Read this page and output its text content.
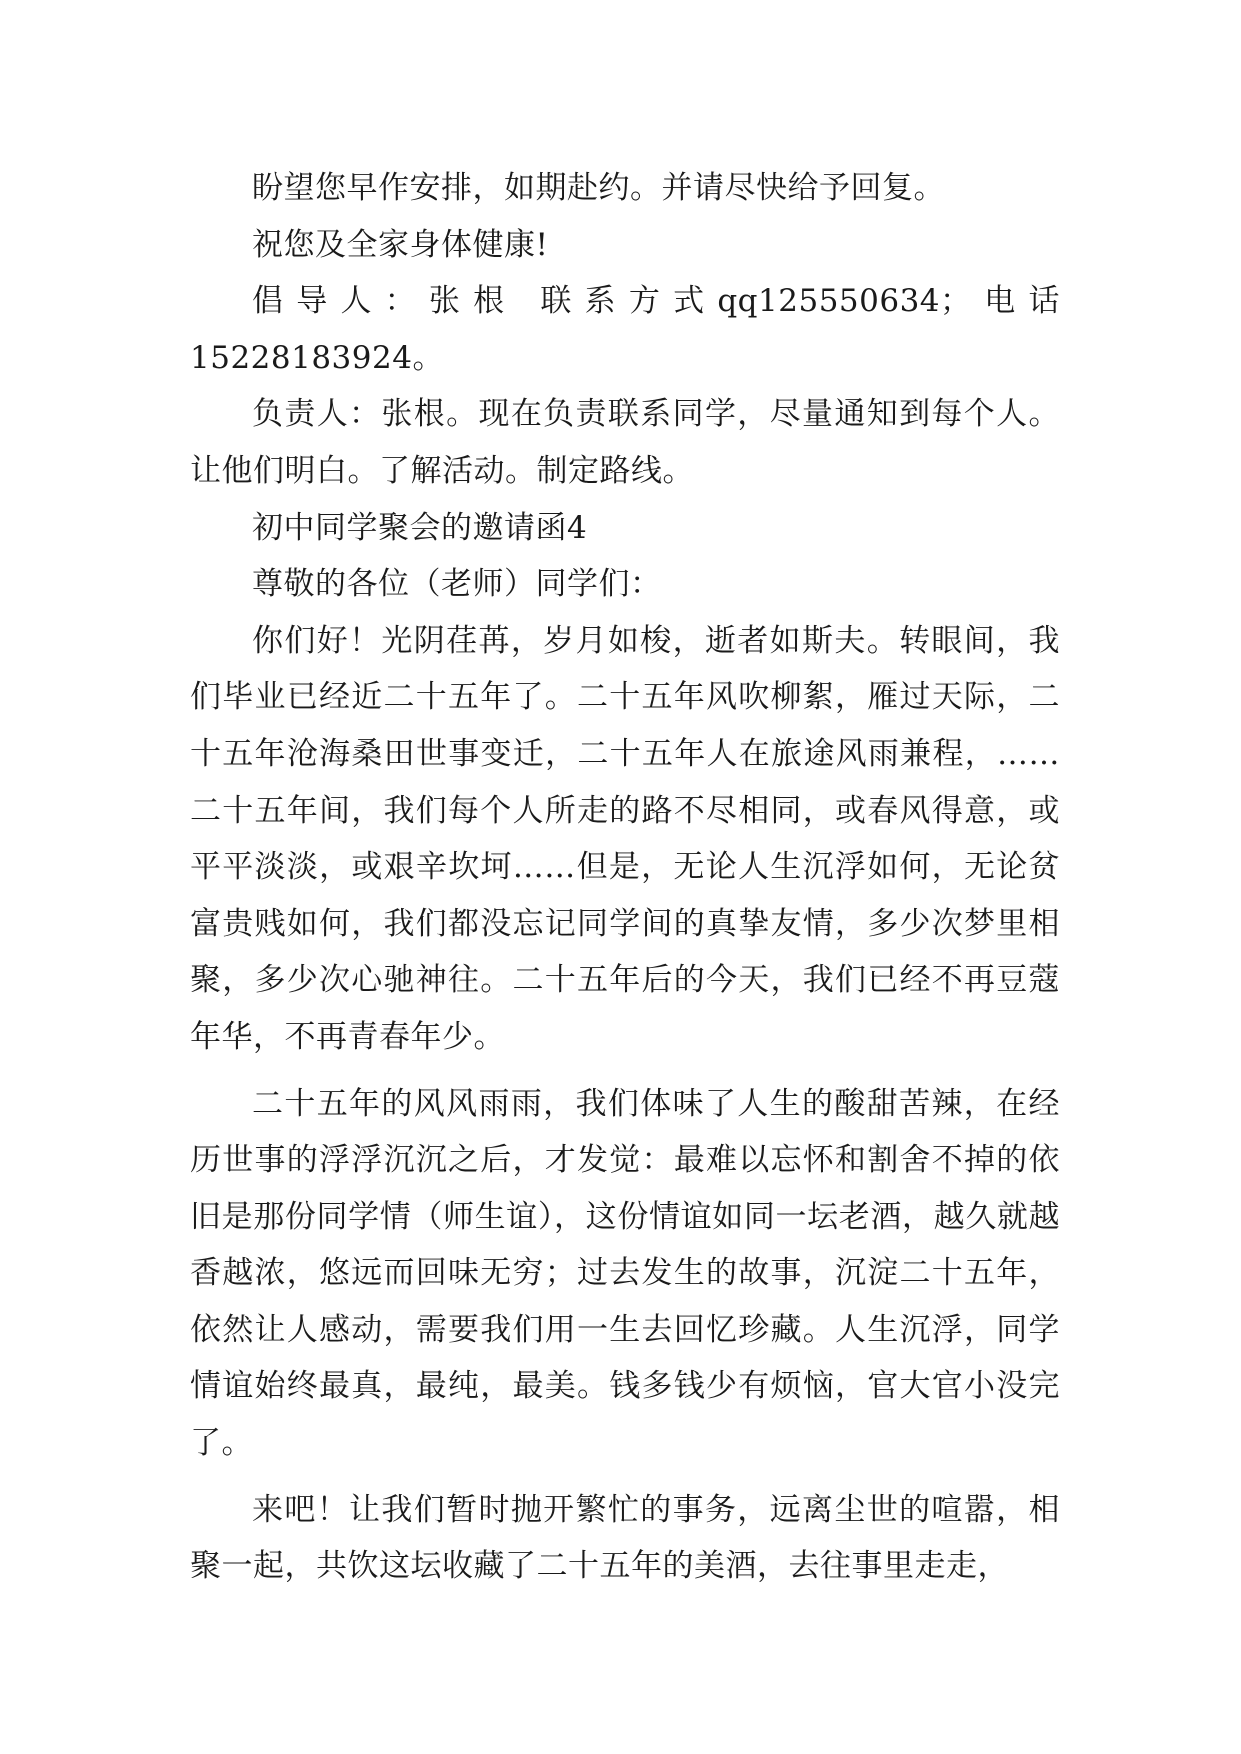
盼望您早作安排，如期赴约。并请尽快给予回复。

祝您及全家身体健康!

倡导人：张根 联系方式qq125550634；电话15228183924。

负责人：张根。现在负责联系同学，尽量通知到每个人。让他们明白。了解活动。制定路线。

初中同学聚会的邀请函4

尊敬的各位（老师）同学们：

你们好！光阴荏苒，岁月如梭，逝者如斯夫。转眼间，我们毕业已经近二十五年了。二十五年风吹柳絮，雁过天际，二十五年沧海桑田世事变迁，二十五年人在旅途风雨兼程，……二十五年间，我们每个人所走的路不尽相同，或春风得意，或平平淡淡，或艰辛坎坷……但是，无论人生沉浮如何，无论贫富贵贱如何，我们都没忘记同学间的真挚友情，多少次梦里相聚，多少次心驰神往。二十五年后的今天，我们已经不再豆蔻年华，不再青春年少。

二十五年的风风雨雨，我们体味了人生的酸甜苦辣，在经历世事的浮浮沉沉之后，才发觉：最难以忘怀和割舍不掉的依旧是那份同学情（师生谊），这份情谊如同一坛老酒，越久就越香越浓，悠远而回味无穷；过去发生的故事，沉淀二十五年，依然让人感动，需要我们用一生去回忆珍藏。人生沉浮，同学情谊始终最真，最纯，最美。钱多钱少有烦恼，官大官小没完了。

来吧！让我们暂时抛开繁忙的事务，远离尘世的喧嚣，相聚一起，共饮这坛收藏了二十五年的美酒，去往事里走走，
